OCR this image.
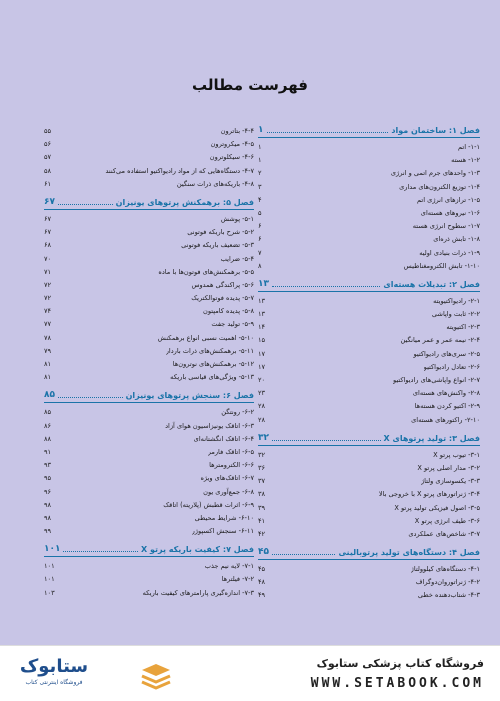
فهرست مطالب
فصل ۱: ساختمان مواد
۱
۱-۱- اتم
۱
۱-۲- هسته
۱
۱-۳- واحدهای جرم اتمی و انرژی
۲
۱-۴- توزیع الکترون‌های مداری
۳
۱-۵- ترازهای انرژی اتم
۴
۱-۶- نیروهای هسته‌ای
۵
۱-۷- سطوح انرژی هسته
۶
۱-۸- تابش ذره‌ای
۶
۱-۹- ذرات بنیادی اولیه
۷
۱-۱۰- تابش الکترومغناطیس
۸
فصل ۲: تبدیلات هسته‌ای
۱۳
۲-۱- رادیواکتیویته
۱۳
۲-۲- ثابت واپاشی
۱۳
۲-۳- اکتیویته
۱۴
۲-۴- نیمه عمر و عمر میانگین
۱۵
۲-۵- سری‌های رادیواکتیو
۱۷
۲-۶- تعادل رادیواکتیو
۱۷
۲-۷- انواع واپاشی‌های رادیواکتیو
۲۰
۲-۸- واکنش‌های هسته‌ای
۲۳
۲-۹- اکتیو کردن هسته‌ها
۲۸
۲-۱۰- راکتورهای هسته‌ای
۲۸
فصل ۳: تولید پرتوهای X
۳۲
۳-۱- تیوب پرتو X
۳۲
۳-۲- مدار اصلی پرتو X
۳۶
۳-۳- یکسوسازی ولتاژ
۳۷
۳-۴- ژنراتورهای پرتو X با خروجی بالا
۳۸
۳-۵- اصول فیزیکی تولید پرتو X
۳۹
۳-۶- طیف انرژی پرتو X
۴۱
۳-۷- شاخص‌های عملکردی
۴۲
فصل ۴: دستگاه‌های تولید پرتوبالینی
۴۵
۴-۱- دستگاه‌های کیلوولتاژ
۴۵
۴-۲- ژنراتوروان‌دوگراف
۴۸
۴-۳- شتاب‌دهنده خطی
۴۹
۴-۴- بتاترون
۵۵
۴-۵- میکروترون
۵۶
۴-۶- سیکلوترون
۵۷
۴-۷- دستگاه‌هایی که از مواد رادیواکتیو استفاده می‌کنند
۵۸
۴-۸- باریکه‌های ذرات سنگین
۶۱
فصل ۵: برهمکنش پرتوهای یونیزان
۶۷
۵-۱- پوشش
۶۷
۵-۲- شرح باریکه فوتونی
۶۷
۵-۳- تضعیف باریکه فوتونی
۶۸
۵-۴- ضرایب
۷۰
۵-۵- برهمکنش‌های فوتون‌ها با ماده
۷۱
۵-۶- پراکندگی همدوس
۷۲
۵-۷- پدیده فوتوالکتریک
۷۲
۵-۸- پدیده کامپتون
۷۴
۵-۹- تولید جفت
۷۷
۵-۱۰- اهمیت نسبی انواع برهمکنش
۷۸
۵-۱۱- برهمکنش‌های ذرات باردار
۷۹
۵-۱۲- برهمکنش‌های نوترون‌ها
۸۱
۵-۱۳- ویژگی‌های قیاسی باریکه
۸۱
فصل ۶: سنجش پرتوهای یونیزان
۸۵
۶-۲- رونتگن
۸۵
۶-۳- اتاقک یونیزاسیون هوای آزاد
۸۶
۶-۴- اتاقک انگشتانه‌ای
۸۸
۶-۵- اتاقک فارمر
۹۱
۶-۶- الکترومترها
۹۳
۶-۷- اتاقک‌های ویژه
۹۵
۶-۸- جمع‌آوری یون
۹۶
۶-۹- اثرات قطبش (پلاریته) اتاقک
۹۸
۶-۱۰- شرایط محیطی
۹۸
۶-۱۱- سنجش اکسپوژر
۹۹
فصل ۷: کیفیت باریکه پرتو X
۱۰۱
۷-۱- لایه نیم جذب
۱۰۱
۷-۲- فیلترها
۱۰۱
۷-۳- اندازه‌گیری پارامترهای کیفیت باریکه
۱۰۳
ستابوک
فروشگاه اینترنتی کتاب
فروشگاه کتاب پزشکی ستابوک
WWW.SETABOOK.COM
